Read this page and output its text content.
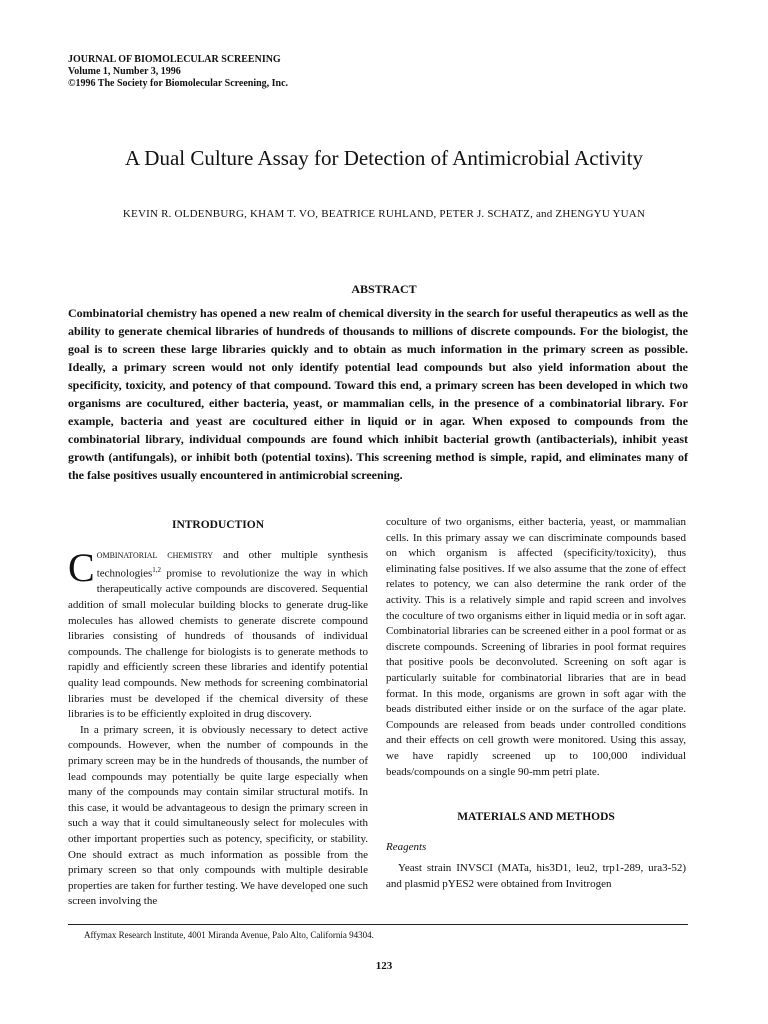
JOURNAL OF BIOMOLECULAR SCREENING
Volume 1, Number 3, 1996
©1996 The Society for Biomolecular Screening, Inc.
A Dual Culture Assay for Detection of Antimicrobial Activity
KEVIN R. OLDENBURG, KHAM T. VO, BEATRICE RUHLAND, PETER J. SCHATZ, and ZHENGYU YUAN
ABSTRACT

Combinatorial chemistry has opened a new realm of chemical diversity in the search for useful therapeutics as well as the ability to generate chemical libraries of hundreds of thousands to millions of discrete compounds. For the biologist, the goal is to screen these large libraries quickly and to obtain as much information in the primary screen as possible. Ideally, a primary screen would not only identify potential lead compounds but also yield information about the specificity, toxicity, and potency of that compound. Toward this end, a primary screen has been developed in which two organisms are cocultured, either bacteria, yeast, or mammalian cells, in the presence of a combinatorial library. For example, bacteria and yeast are cocultured either in liquid or in agar. When exposed to compounds from the combinatorial library, individual compounds are found which inhibit bacterial growth (antibacterials), inhibit yeast growth (antifungals), or inhibit both (potential toxins). This screening method is simple, rapid, and eliminates many of the false positives usually encountered in antimicrobial screening.

INTRODUCTION

Combinatorial chemistry and other multiple synthesis technologies$^{1,2}$ promise to revolutionize the way in which therapeutically active compounds are discovered. Sequential addition of small molecular building blocks to generate drug-like molecules has allowed chemists to generate discrete compound libraries consisting of hundreds of thousands of individual compounds. The challenge for biologists is to generate methods to rapidly and efficiently screen these libraries and identify potential quality lead compounds. New methods for screening combinatorial libraries must be developed if the chemical diversity of these libraries is to be efficiently exploited in drug discovery.

In a primary screen, it is obviously necessary to detect active compounds. However, when the number of compounds in the primary screen may be in the hundreds of thousands, the number of lead compounds may potentially be quite large especially when many of the compounds may contain similar structural motifs. In this case, it would be advantageous to design the primary screen in such a way that it could simultaneously select for molecules with other important properties such as potency, specificity, or stability. One should extract as much information as possible from the primary screen so that only compounds with multiple desirable properties are taken for further testing. We have developed one such screen involving the

coculture of two organisms, either bacteria, yeast, or mammalian cells. In this primary assay we can discriminate compounds based on which organism is affected (specificity/toxicity), thus eliminating false positives. If we also assume that the zone of effect relates to potency, we can also determine the rank order of the activity. This is a relatively simple and rapid screen and involves the coculture of two organisms either in liquid media or in soft agar. Combinatorial libraries can be screened either in a pool format or as discrete compounds. Screening of libraries in pool format requires that positive pools be deconvoluted. Screening on soft agar is particularly suitable for combinatorial libraries that are in bead format. In this mode, organisms are grown in soft agar with the beads distributed either inside or on the surface of the agar plate. Compounds are released from beads under controlled conditions and their effects on cell growth were monitored. Using this assay, we have rapidly screened up to 100,000 individual beads/compounds on a single 90-mm petri plate.

MATERIALS AND METHODS
Reagents

Yeast strain INVSCI (MATa, his3D1, leu2, trp1-289, ura3-52) and plasmid pYES2 were obtained from Invitrogen

Affymax Research Institute, 4001 Miranda Avenue, Palo Alto, California 94304.
123
